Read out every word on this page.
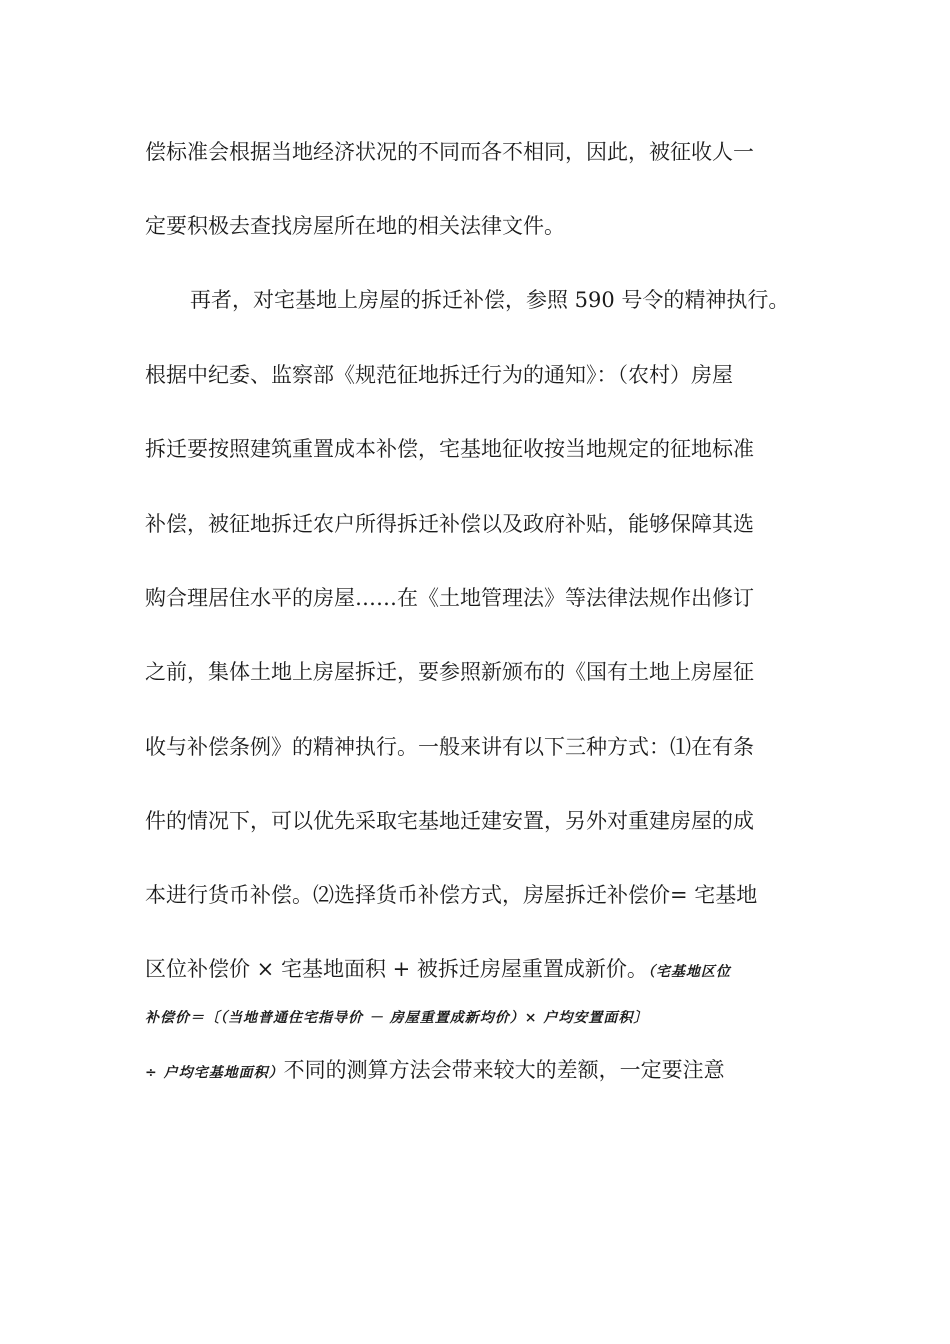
偿标准会根据当地经济状况的不同而各不相同，因此，被征收人一
定要积极去查找房屋所在地的相关法律文件。
再者，对宅基地上房屋的拆迁补偿，参照 590 号令的精神执行。
根据中纪委、监察部《规范征地拆迁行为的通知》：（农村）房屋
拆迁要按照建筑重置成本补偿，宅基地征收按当地规定的征地标准
补偿，被征地拆迁农户所得拆迁补偿以及政府补贴，能够保障其选
购合理居住水平的房屋……在《土地管理法》等法律法规作出修订
之前，集体土地上房屋拆迁，要参照新颁布的《国有土地上房屋征
收与补偿条例》的精神执行。一般来讲有以下三种方式：⑴在有条
件的情况下，可以优先采取宅基地迁建安置，另外对重建房屋的成
本进行货币补偿。⑵选择货币补偿方式，房屋拆迁补偿价= 宅基地
区位补偿价 × 宅基地面积 + 被拆迁房屋重置成新价。（宅基地区位
补偿价＝〔（当地普通住宅指导价 － 房屋重置成新均价）× 户均安置面积〕
÷ 户均宅基地面积）不同的测算方法会带来较大的差额，一定要注意
